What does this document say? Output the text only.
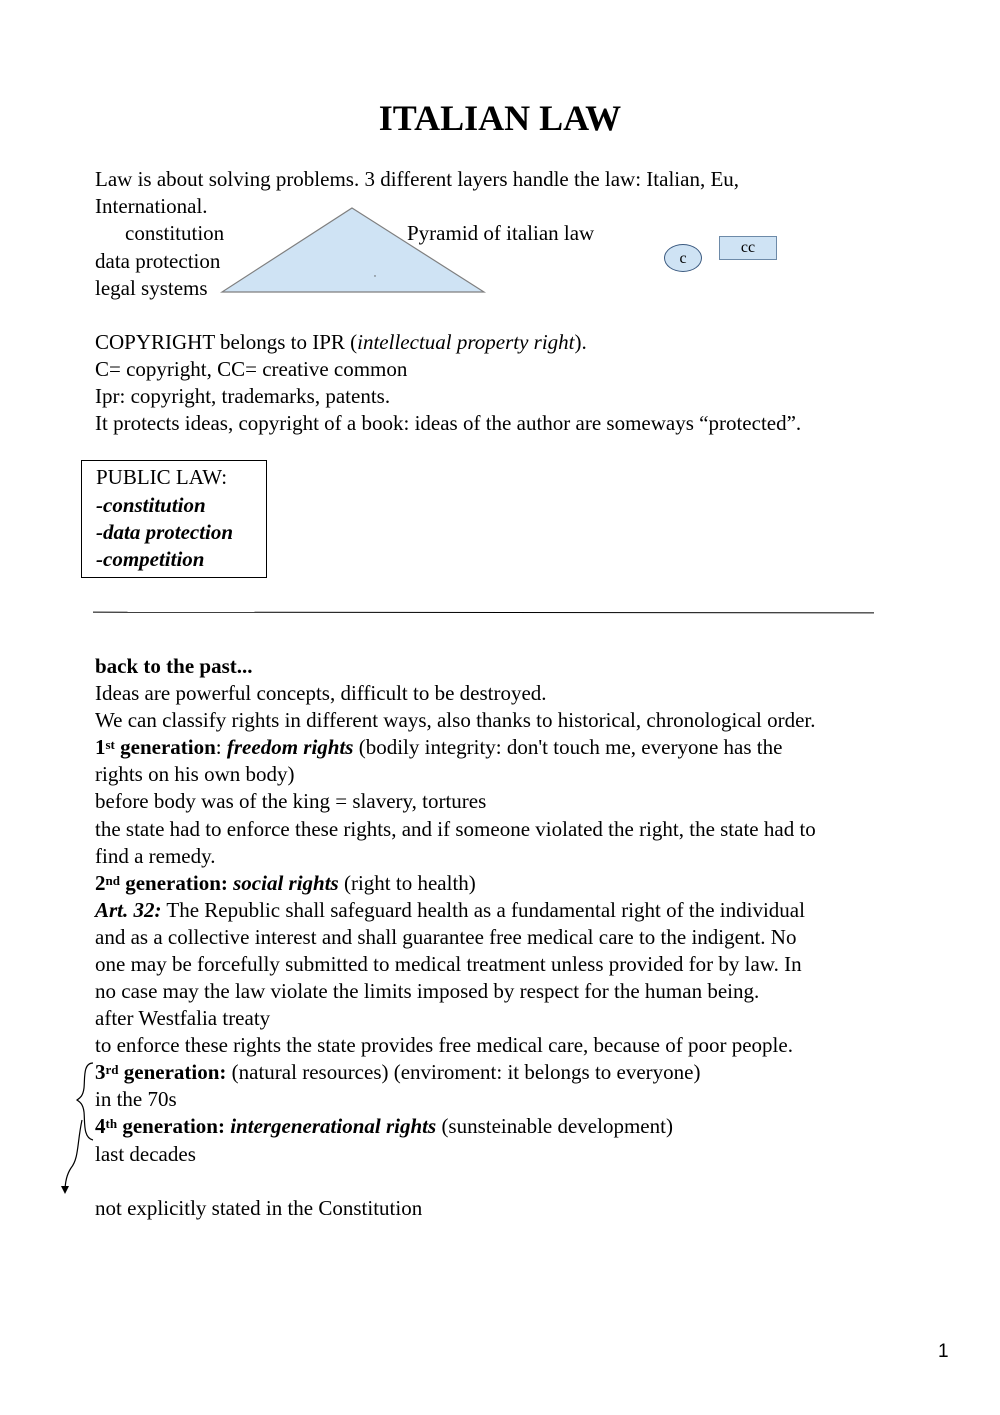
ITALIAN LAW
Law is about solving problems. 3 different layers handle the law: Italian, Eu,
International.
constitution
data protection
legal systems
Pyramid of italian law
c
cc
COPYRIGHT belongs to IPR (intellectual property right).
C= copyright, CC= creative common
Ipr: copyright, trademarks, patents.
It protects ideas, copyright of a book: ideas of the author are someways “protected”.
PUBLIC LAW:
-constitution
-data protection
-competition
back to the past...
Ideas are powerful concepts, difficult to be destroyed.
We can classify rights in different ways, also thanks to historical, chronological order.
1st generation: freedom rights (bodily integrity: don't touch me, everyone has the
rights on his own body)
before body was of the king = slavery, tortures
the state had to enforce these rights, and if someone violated the right, the state had to
find a remedy.
2nd generation: social rights (right to health)
Art. 32: The Republic shall safeguard health as a fundamental right of the individual
and as a collective interest and shall guarantee free medical care to the indigent. No
one may be forcefully submitted to medical treatment unless provided for by law. In
no case may the law violate the limits imposed by respect for the human being.
after Westfalia treaty
to enforce these rights the state provides free medical care, because of poor people.
3rd generation: (natural resources) (enviroment: it belongs to everyone)
in the 70s
4th generation: intergenerational rights (sunsteinable development)
last decades
not explicitly stated in the Constitution
1
